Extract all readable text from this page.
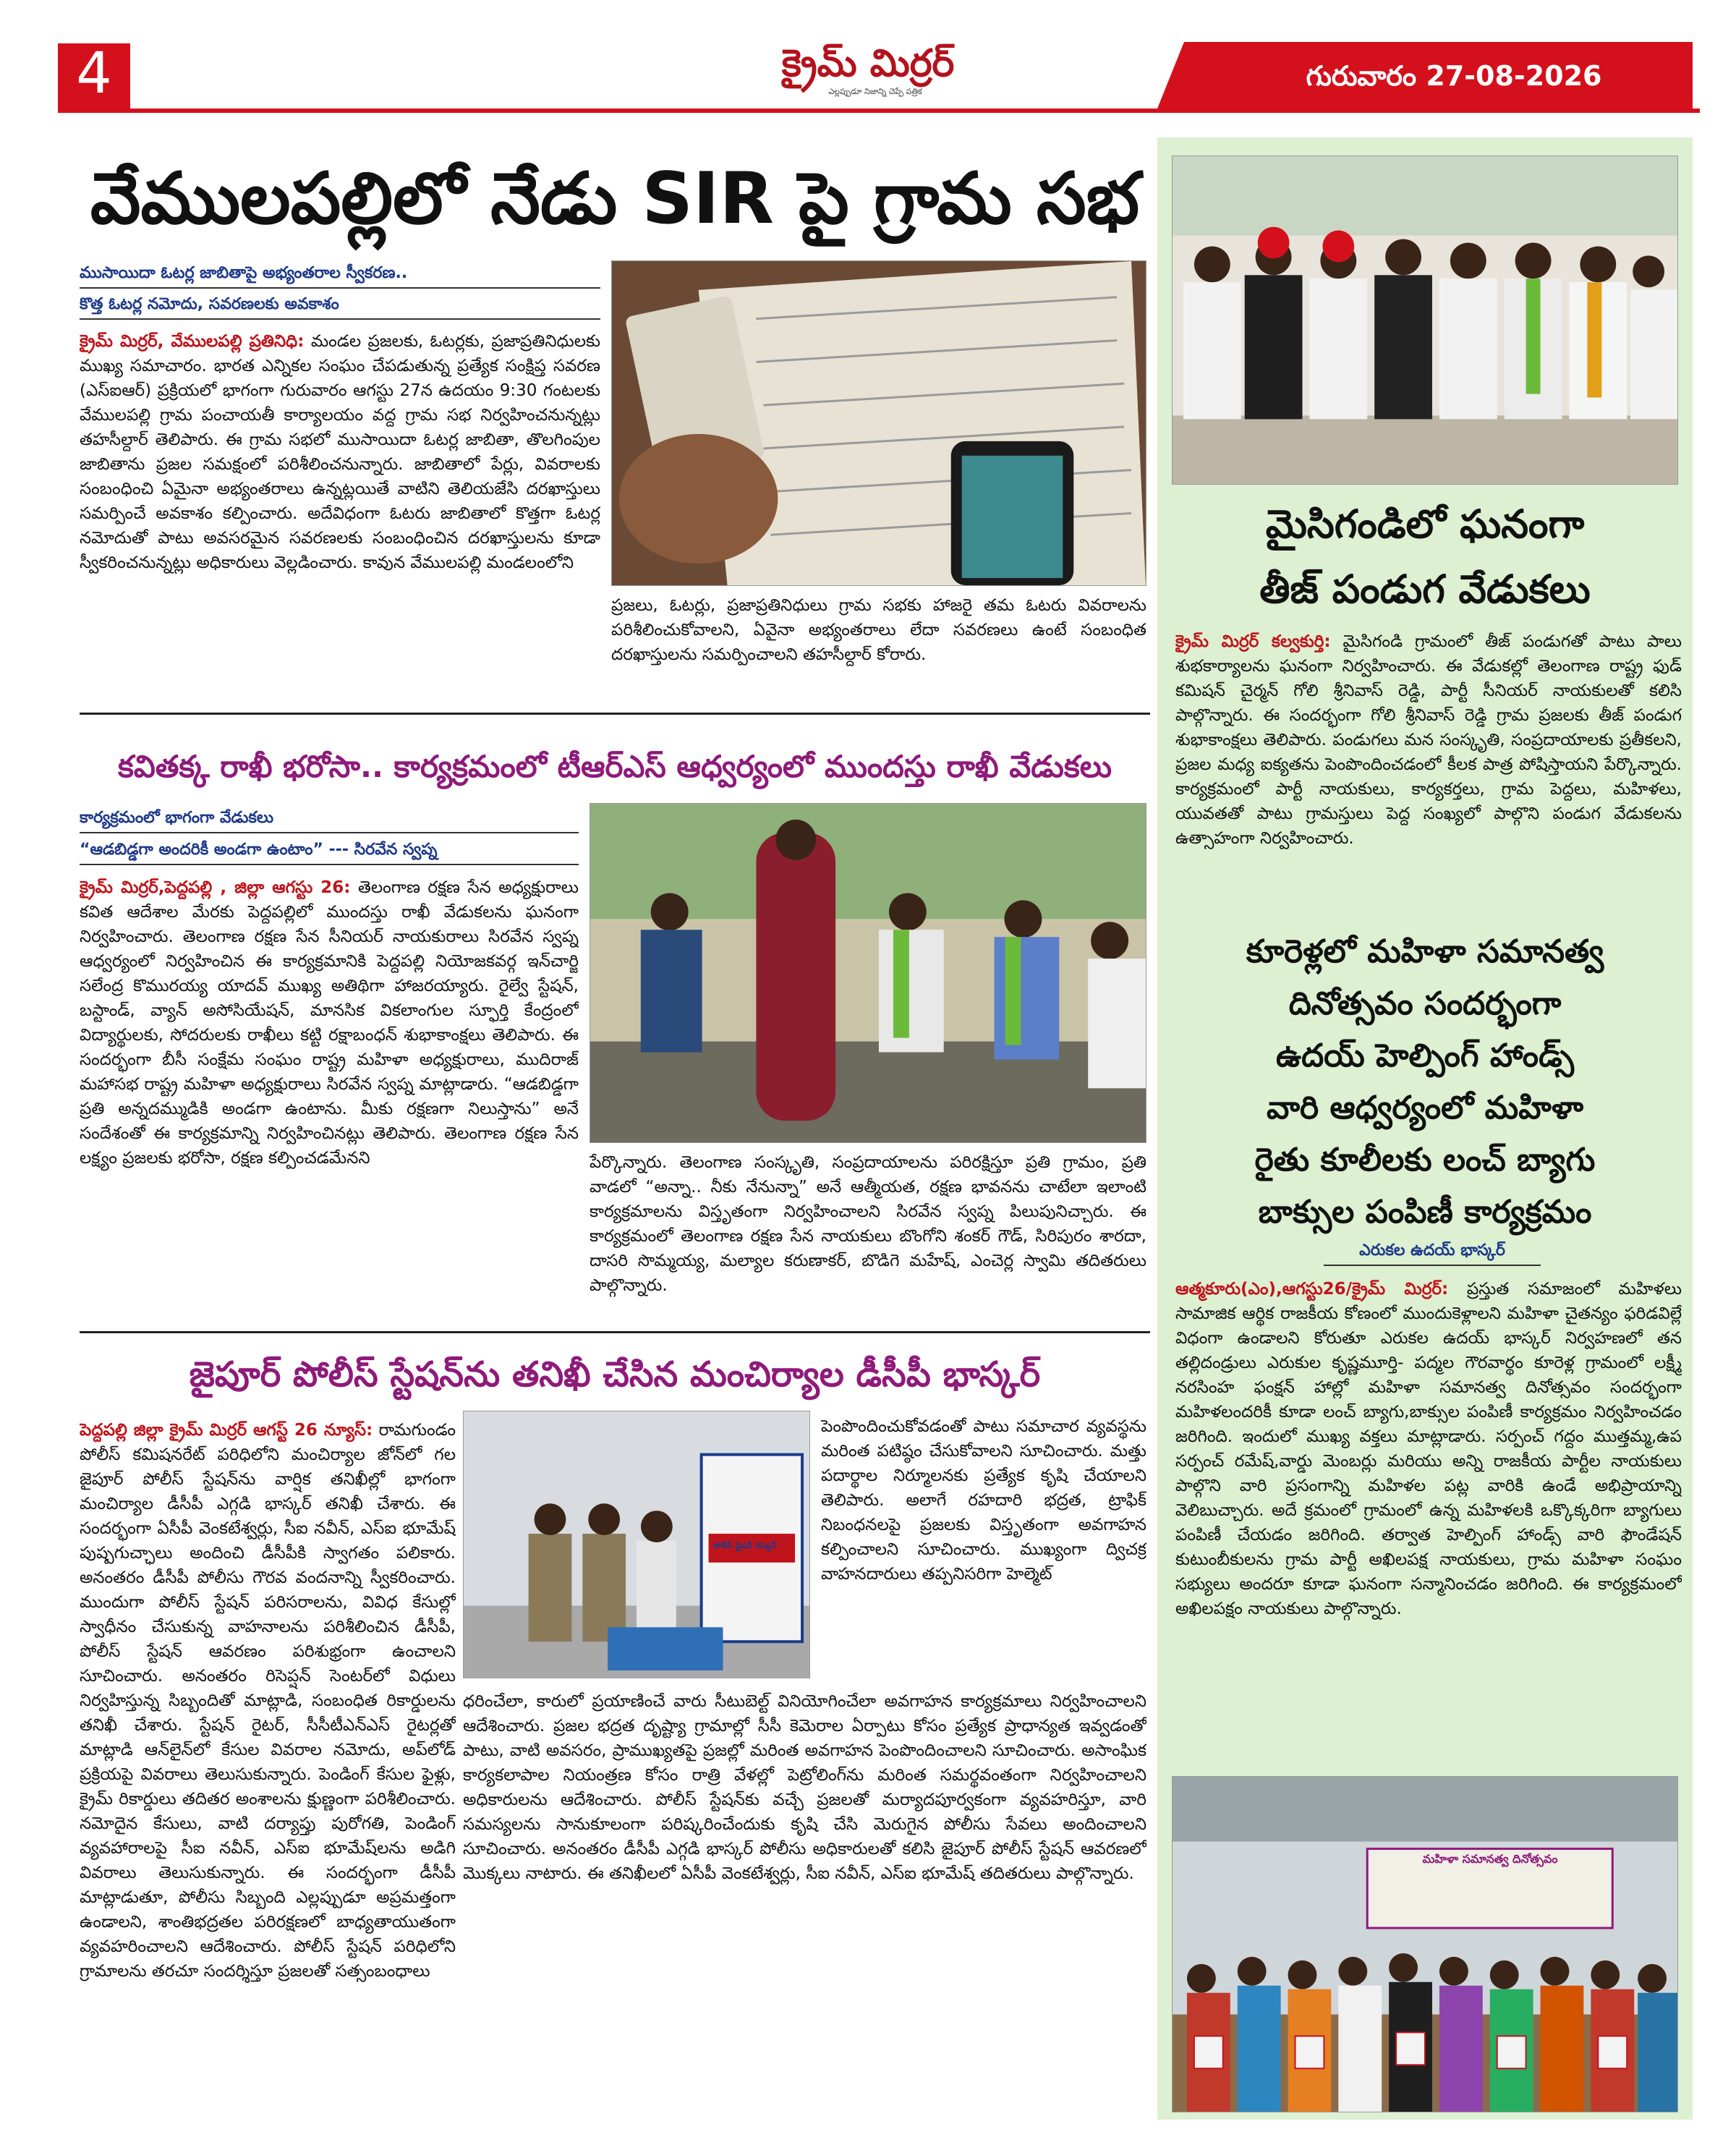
4	క్రైమ్ మిర్రర్
ఎల్లప్పుడూ నిజాన్ని చెప్పే పత్రిక	గురువారం 27-08-2026
వేములపల్లిలో నేడు SIR పై గ్రామ సభ
ముసాయిదా ఓటర్ల జాబితాపై అభ్యంతరాల స్వీకరణ..
కొత్త ఓటర్ల నమోదు, సవరణలకు అవకాశం
క్రైమ్ మిర్రర్, వేములపల్లి ప్రతినిధి: మండల ప్రజలకు, ఓటర్లకు, ప్రజాప్రతినిధులకు ముఖ్య సమాచారం. భారత ఎన్నికల సంఘం చేపడుతున్న ప్రత్యేక సంక్షిప్త సవరణ (ఎస్ఐఆర్) ప్రక్రియలో భాగంగా గురువారం ఆగస్టు 27న ఉదయం 9:30 గంటలకు వేములపల్లి గ్రామ పంచాయతీ కార్యాలయం వద్ద గ్రామ సభ నిర్వహించనున్నట్లు తహసీల్దార్ తెలిపారు. ఈ గ్రామ సభలో ముసాయిదా ఓటర్ల జాబితా, తొలగింపుల జాబితాను ప్రజల సమక్షంలో పరిశీలించనున్నారు. జాబితాలో పేర్లు, వివరాలకు సంబంధించి ఏమైనా అభ్యంతరాలు ఉన్నట్లయితే వాటిని తెలియజేసి దరఖాస్తులు సమర్పించే అవకాశం కల్పించారు. అదేవిధంగా ఓటరు జాబితాలో కొత్తగా ఓటర్ల నమోదుతో పాటు అవసరమైన సవరణలకు సంబంధించిన దరఖాస్తులను కూడా స్వీకరించనున్నట్లు అధికారులు వెల్లడించారు. కావున వేములపల్లి మండలంలోని
ప్రజలు, ఓటర్లు, ప్రజాప్రతినిధులు గ్రామ సభకు హాజరై తమ ఓటరు వివరాలను పరిశీలించుకోవాలని, ఏవైనా అభ్యంతరాలు లేదా సవరణలు ఉంటే సంబంధిత దరఖాస్తులను సమర్పించాలని తహసీల్దార్ కోరారు.
కవితక్క రాఖీ భరోసా.. కార్యక్రమంలో టీఆర్ఎస్ ఆధ్వర్యంలో ముందస్తు రాఖీ వేడుకలు
కార్యక్రమంలో భాగంగా వేడుకలు
“ఆడబిడ్డగా అందరికీ అండగా ఉంటాం” --- సిరవేన స్వప్న
క్రైమ్ మిర్రర్,పెద్దపల్లి , జిల్లా ఆగస్టు 26: తెలంగాణ రక్షణ సేన అధ్యక్షురాలు కవిత ఆదేశాల మేరకు పెద్దపల్లిలో ముందస్తు రాఖీ వేడుకలను ఘనంగా నిర్వహించారు. తెలంగాణ రక్షణ సేన సీనియర్ నాయకురాలు సిరవేన స్వప్న ఆధ్వర్యంలో నిర్వహించిన ఈ కార్యక్రమానికి పెద్దపల్లి నియోజకవర్గ ఇన్‌చార్జి సలేంద్ర కొమురయ్య యాదవ్ ముఖ్య అతిథిగా హాజరయ్యారు. రైల్వే స్టేషన్, బస్టాండ్, వ్యాన్ అసోసియేషన్, మానసిక వికలాంగుల స్ఫూర్తి కేంద్రంలో విద్యార్థులకు, సోదరులకు రాఖీలు కట్టి రక్షాబంధన్ శుభాకాంక్షలు తెలిపారు. ఈ సందర్భంగా బీసీ సంక్షేమ సంఘం రాష్ట్ర మహిళా అధ్యక్షురాలు, ముదిరాజ్ మహాసభ రాష్ట్ర మహిళా అధ్యక్షురాలు సిరవేన స్వప్న మాట్లాడారు. “ఆడబిడ్డగా ప్రతి అన్నదమ్ముడికి అండగా ఉంటాను. మీకు రక్షణగా నిలుస్తాను” అనే సందేశంతో ఈ కార్యక్రమాన్ని నిర్వహించినట్లు తెలిపారు. తెలంగాణ రక్షణ సేన లక్ష్యం ప్రజలకు భరోసా, రక్షణ కల్పించడమేనని	పేర్కొన్నారు. తెలంగాణ సంస్కృతి, సంప్రదాయాలను పరిరక్షిస్తూ ప్రతి గ్రామం, ప్రతి వాడలో “అన్నా.. నీకు నేనున్నా” అనే ఆత్మీయత, రక్షణ భావనను చాటేలా ఇలాంటి కార్యక్రమాలను విస్తృతంగా నిర్వహించాలని సిరవేన స్వప్న పిలుపునిచ్చారు. ఈ కార్యక్రమంలో తెలంగాణ రక్షణ సేన నాయకులు బొంగోని శంకర్ గౌడ్, సిరిపురం శారదా, దాసరి సొమ్మయ్య, మల్యాల కరుణాకర్, బొడిగె మహేష్, ఎంచెర్ల స్వామి తదితరులు పాల్గొన్నారు.
జైపూర్ పోలీస్ స్టేషన్‌ను తనిఖీ చేసిన మంచిర్యాల డీసీపీ భాస్కర్
పెద్దపల్లి జిల్లా క్రైమ్ మిర్రర్ ఆగస్ట్ 26 న్యూస్: రామగుండం పోలీస్ కమిషనరేట్ పరిధిలోని మంచిర్యాల జోన్‌లో గల జైపూర్ పోలీస్ స్టేషన్‌ను వార్షిక తనిఖీల్లో భాగంగా మంచిర్యాల డీసీపీ ఎగ్గడి భాస్కర్ తనిఖీ చేశారు. ఈ సందర్భంగా ఏసీపీ వెంకటేశ్వర్లు, సీఐ నవీన్, ఎస్ఐ భూమేష్ పుష్పగుచ్ఛాలు అందించి డీసీపీకి స్వాగతం పలికారు. అనంతరం డీసీపీ పోలీసు గౌరవ వందనాన్ని స్వీకరించారు. ముందుగా పోలీస్ స్టేషన్ పరిసరాలను, వివిధ కేసుల్లో స్వాధీనం చేసుకున్న వాహనాలను పరిశీలించిన డీసీపీ, పోలీస్ స్టేషన్ ఆవరణం పరిశుభ్రంగా ఉంచాలని సూచించారు. అనంతరం రిసెప్షన్ సెంటర్‌లో విధులు నిర్వహిస్తున్న సిబ్బందితో మాట్లాడి, సంబంధిత రికార్డులను తనిఖీ చేశారు. స్టేషన్ రైటర్, సీసీటీఎన్ఎస్ రైటర్లతో మాట్లాడి ఆన్‌లైన్‌లో కేసుల వివరాల నమోదు, అప్‌లోడ్ ప్రక్రియపై వివరాలు తెలుసుకున్నారు. పెండింగ్ కేసుల ఫైళ్లు, క్రైమ్ రికార్డులు తదితర అంశాలను క్షుణ్ణంగా పరిశీలించారు. నమోదైన కేసులు, వాటి దర్యాప్తు పురోగతి, పెండింగ్ వ్యవహారాలపై సీఐ నవీన్, ఎస్ఐ భూమేష్‌లను అడిగి వివరాలు తెలుసుకున్నారు. ఈ సందర్భంగా డీసీపీ మాట్లాడుతూ, పోలీసు సిబ్బంది ఎల్లప్పుడూ అప్రమత్తంగా ఉండాలని, శాంతిభద్రతల పరిరక్షణలో బాధ్యతాయుతంగా వ్యవహరించాలని ఆదేశించారు. పోలీస్ స్టేషన్ పరిధిలోని గ్రామాలను తరచూ సందర్శిస్తూ ప్రజలతో సత్సంబంధాలు
పోలీస్ స్టేషన్ రిసెప్షన్
పెంపొందించుకోవడంతో పాటు సమాచార వ్యవస్థను మరింత పటిష్ఠం చేసుకోవాలని సూచించారు. మత్తు పదార్థాల నిర్మూలనకు ప్రత్యేక కృషి చేయాలని తెలిపారు. అలాగే రహదారి భద్రత, ట్రాఫిక్ నిబంధనలపై ప్రజలకు విస్తృతంగా అవగాహన కల్పించాలని సూచించారు. ముఖ్యంగా ద్విచక్ర వాహనదారులు తప్పనిసరిగా హెల్మెట్
ధరించేలా, కారులో ప్రయాణించే వారు సీటుబెల్ట్ వినియోగించేలా అవగాహన కార్యక్రమాలు నిర్వహించాలని ఆదేశించారు. ప్రజల భద్రత దృష్ట్యా గ్రామాల్లో సీసీ కెమెరాల ఏర్పాటు కోసం ప్రత్యేక ప్రాధాన్యత ఇవ్వడంతో పాటు, వాటి అవసరం, ప్రాముఖ్యతపై ప్రజల్లో మరింత అవగాహన పెంపొందించాలని సూచించారు. అసాంఘిక కార్యకలాపాల నియంత్రణ కోసం రాత్రి వేళల్లో పెట్రోలింగ్‌ను మరింత సమర్థవంతంగా నిర్వహించాలని అధికారులను ఆదేశించారు. పోలీస్ స్టేషన్‌కు వచ్చే ప్రజలతో మర్యాదపూర్వకంగా వ్యవహరిస్తూ, వారి సమస్యలను సానుకూలంగా పరిష్కరించేందుకు కృషి చేసి మెరుగైన పోలీసు సేవలు అందించాలని సూచించారు. అనంతరం డీసీపీ ఎగ్గడి భాస్కర్ పోలీసు అధికారులతో కలిసి జైపూర్ పోలీస్ స్టేషన్ ఆవరణలో మొక్కలు నాటారు. ఈ తనిఖీలలో ఏసీపీ వెంకటేశ్వర్లు, సీఐ నవీన్, ఎస్ఐ భూమేష్ తదితరులు పాల్గొన్నారు.
మైసిగండిలో ఘనంగా
తీజ్ పండుగ వేడుకలు
క్రైమ్ మిర్రర్ కల్వకుర్తి: మైసిగండి గ్రామంలో తీజ్ పండుగతో పాటు పాలు శుభకార్యాలను ఘనంగా నిర్వహించారు. ఈ వేడుకల్లో తెలంగాణ రాష్ట్ర ఫుడ్ కమిషన్ చైర్మన్ గోలి శ్రీనివాస్ రెడ్డి, పార్టీ సీనియర్ నాయకులతో కలిసి పాల్గొన్నారు. ఈ సందర్భంగా గోలి శ్రీనివాస్ రెడ్డి గ్రామ ప్రజలకు తీజ్ పండుగ శుభాకాంక్షలు తెలిపారు. పండుగలు మన సంస్కృతి, సంప్రదాయాలకు ప్రతీకలని, ప్రజల మధ్య ఐక్యతను పెంపొందించడంలో కీలక పాత్ర పోషిస్తాయని పేర్కొన్నారు. కార్యక్రమంలో పార్టీ నాయకులు, కార్యకర్తలు, గ్రామ పెద్దలు, మహిళలు, యువతతో పాటు గ్రామస్తులు పెద్ద సంఖ్యలో పాల్గొని పండుగ వేడుకలను ఉత్సాహంగా నిర్వహించారు.
కూరెళ్లలో మహిళా సమానత్వ
దినోత్సవం సందర్భంగా
ఉదయ్ హెల్పింగ్ హాండ్స్
వారి ఆధ్వర్యంలో మహిళా
రైతు కూలీలకు లంచ్ బ్యాగు
బాక్సుల పంపిణీ కార్యక్రమం
ఎరుకల ఉదయ్ భాస్కర్
ఆత్మకూరు(ఎం),ఆగస్టు26/క్రైమ్ మిర్రర్: ప్రస్తుత సమాజంలో మహిళలు సామాజిక ఆర్థిక రాజకీయ కోణంలో ముందుకెళ్లాలని మహిళా చైతన్యం ఫరిడవిల్లే విధంగా ఉండాలని కోరుతూ ఎరుకల ఉదయ్ భాస్కర్ నిర్వహణలో తన తల్లిదండ్రులు ఎరుకుల కృష్ణమూర్తి- పద్మల గౌరవార్థం కూరెళ్ల గ్రామంలో లక్ష్మీ నరసింహ ఫంక్షన్ హాల్లో మహిళా సమానత్వ దినోత్సవం సందర్భంగా మహిళలందరికీ కూడా లంచ్ బ్యాగు,బాక్సుల పంపిణీ కార్యక్రమం నిర్వహించడం జరిగింది. ఇందులో ముఖ్య వక్తలు మాట్లాడారు. సర్పంచ్ గద్దం ముత్తమ్మ,ఉప సర్పంచ్ రమేష్,వార్డు మెంబర్లు మరియు అన్ని రాజకీయ పార్టీల నాయకులు పాల్గొని వారి ప్రసంగాన్ని మహిళల పట్ల వారికి ఉండే అభిప్రాయాన్ని వెలిబుచ్చారు. అదే క్రమంలో గ్రామంలో ఉన్న మహిళలకి ఒక్కొక్కరిగా బ్యాగులు పంపిణీ చేయడం జరిగింది. తర్వాత హెల్పింగ్ హాండ్స్ వారి ఫౌండేషన్ కుటుంబీకులను గ్రామ పార్టీ అఖిలపక్ష నాయకులు, గ్రామ మహిళా సంఘం సభ్యులు అందరూ కూడా ఘనంగా సన్మానించడం జరిగింది. ఈ కార్యక్రమంలో అఖిలపక్షం నాయకులు పాల్గొన్నారు.
మహిళా సమానత్వ దినోత్సవం
